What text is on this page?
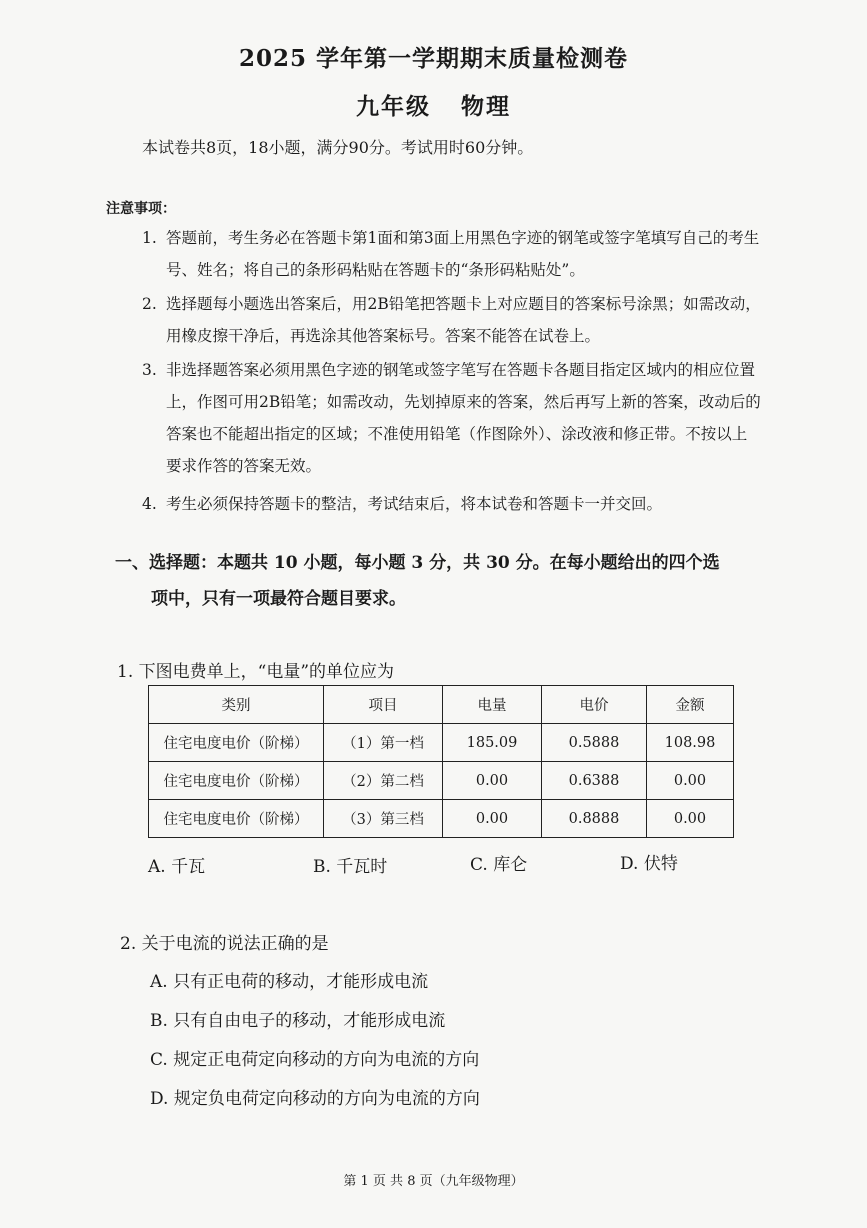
2025 学年第一学期期末质量检测卷
九年级 物理
本试卷共8页，18小题，满分90分。考试用时60分钟。
注意事项：
1. 答题前，考生务必在答题卡第1面和第3面上用黑色字迹的钢笔或签字笔填写自己的考生号、姓名；将自己的条形码粘贴在答题卡的“条形码粘贴处”。
2. 选择题每小题选出答案后，用2B铅笔把答题卡上对应题目的答案标号涂黑；如需改动，用橡皮擦干净后，再选涂其他答案标号。答案不能答在试卷上。
3. 非选择题答案必须用黑色字迹的钢笔或签字笔写在答题卡各题目指定区域内的相应位置上，作图可用2B铅笔；如需改动，先划掉原来的答案，然后再写上新的答案，改动后的答案也不能超出指定的区域；不准使用铅笔（作图除外）、涂改液和修正带。不按以上要求作答的答案无效。
4. 考生必须保持答题卡的整洁，考试结束后，将本试卷和答题卡一并交回。
一、选择题：本题共 10 小题，每小题 3 分，共 30 分。在每小题给出的四个选
项中，只有一项最符合题目要求。
1. 下图电费单上，“电量”的单位应为
类别	项目	电量	电价	金额
住宅电度电价（阶梯）	（1）第一档	185.09	0.5888	108.98
住宅电度电价（阶梯）	（2）第二档	0.00	0.6388	0.00
住宅电度电价（阶梯）	（3）第三档	0.00	0.8888	0.00
A. 千瓦	B. 千瓦时	C. 库仑	D. 伏特
2. 关于电流的说法正确的是
A. 只有正电荷的移动，才能形成电流
B. 只有自由电子的移动，才能形成电流
C. 规定正电荷定向移动的方向为电流的方向
D. 规定负电荷定向移动的方向为电流的方向
第 1 页 共 8 页（九年级物理）
